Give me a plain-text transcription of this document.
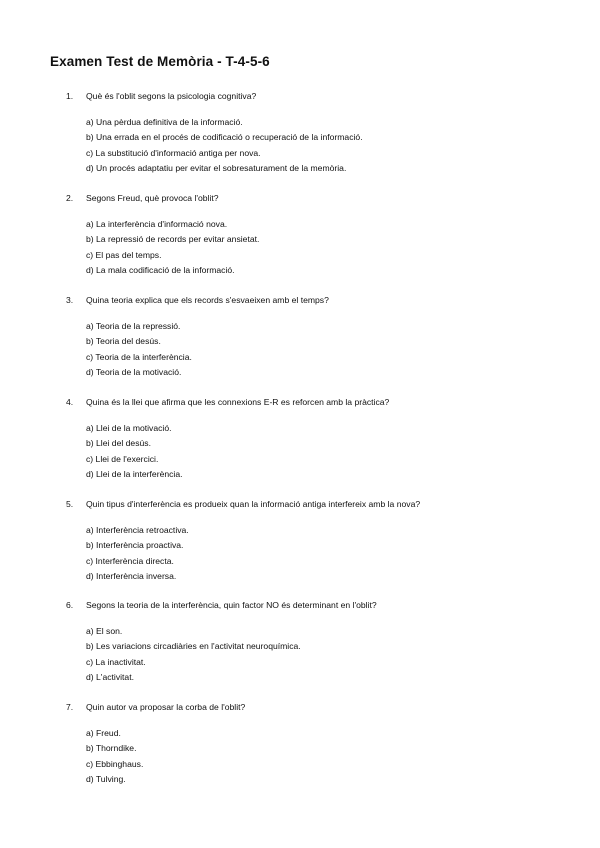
Examen Test de Memòria - T-4-5-6
1. Què és l'oblit segons la psicologia cognitiva?
a) Una pèrdua definitiva de la informació.
b) Una errada en el procés de codificació o recuperació de la informació.
c) La substitució d'informació antiga per nova.
d) Un procés adaptatiu per evitar el sobresaturament de la memòria.
2. Segons Freud, què provoca l'oblit?
a) La interferència d'informació nova.
b) La repressió de records per evitar ansietat.
c) El pas del temps.
d) La mala codificació de la informació.
3. Quina teoria explica que els records s'esvaeixen amb el temps?
a) Teoria de la repressió.
b) Teoria del desús.
c) Teoria de la interferència.
d) Teoria de la motivació.
4. Quina és la llei que afirma que les connexions E-R es reforcen amb la pràctica?
a) Llei de la motivació.
b) Llei del desús.
c) Llei de l'exercici.
d) Llei de la interferència.
5. Quin tipus d'interferència es produeix quan la informació antiga interfereix amb la nova?
a) Interferència retroactiva.
b) Interferència proactiva.
c) Interferència directa.
d) Interferència inversa.
6. Segons la teoria de la interferència, quin factor NO és determinant en l'oblit?
a) El son.
b) Les variacions circadiàries en l'activitat neuroquímica.
c) La inactivitat.
d) L'activitat.
7. Quin autor va proposar la corba de l'oblit?
a) Freud.
b) Thorndike.
c) Ebbinghaus.
d) Tulving.
